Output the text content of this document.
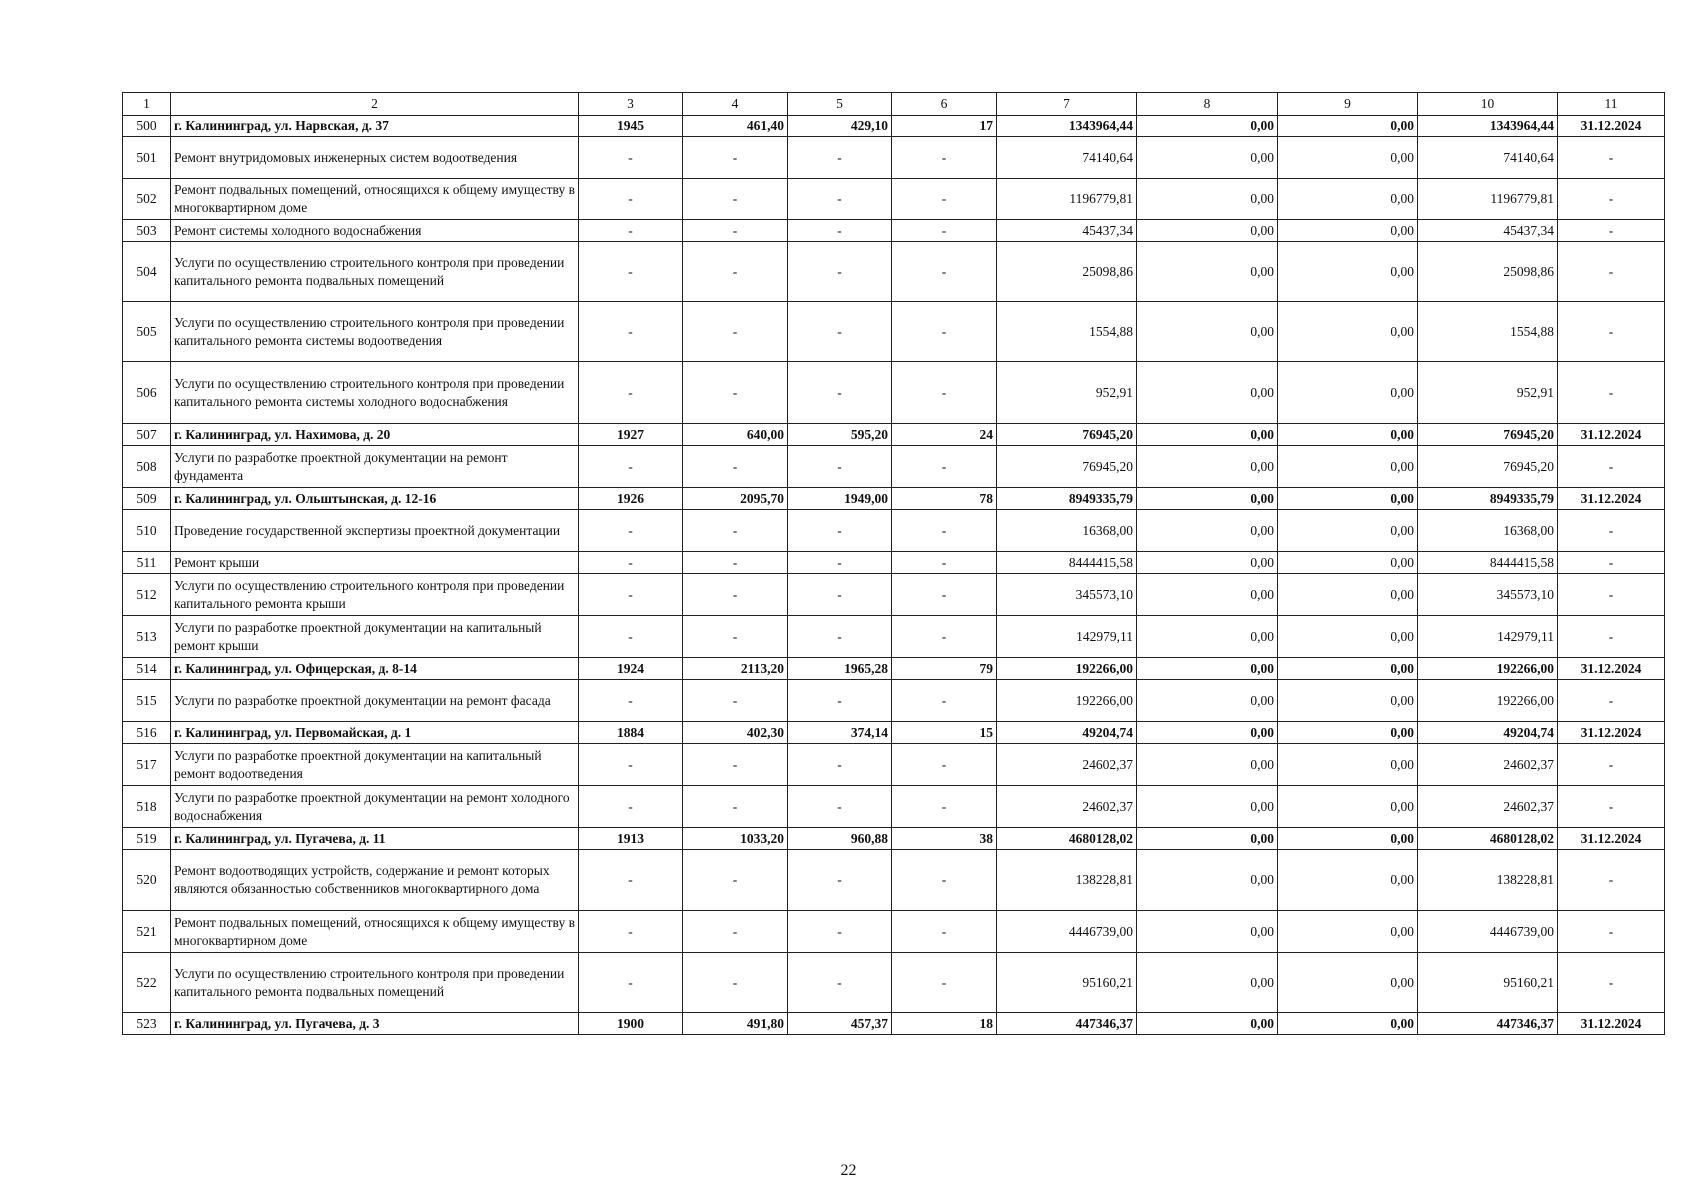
1	2	3	4	5	6	7	8	9	10	11
500	г. Калининград, ул. Нарвская, д. 37	1945	461,40	429,10	17	1343964,44	0,00	0,00	1343964,44	31.12.2024
501	Ремонт внутридомовых инженерных систем водоотведения	-	-	-	-	74140,64	0,00	0,00	74140,64	-
502	Ремонт подвальных помещений, относящихся к общему имуществу в многоквартирном доме	-	-	-	-	1196779,81	0,00	0,00	1196779,81	-
503	Ремонт системы холодного водоснабжения	-	-	-	-	45437,34	0,00	0,00	45437,34	-
504	Услуги по осуществлению строительного контроля при проведении капитального ремонта подвальных помещений	-	-	-	-	25098,86	0,00	0,00	25098,86	-
505	Услуги по осуществлению строительного контроля при проведении капитального ремонта системы водоотведения	-	-	-	-	1554,88	0,00	0,00	1554,88	-
506	Услуги по осуществлению строительного контроля при проведении капитального ремонта системы холодного водоснабжения	-	-	-	-	952,91	0,00	0,00	952,91	-
507	г. Калининград, ул. Нахимова, д. 20	1927	640,00	595,20	24	76945,20	0,00	0,00	76945,20	31.12.2024
508	Услуги по разработке проектной документации на ремонт фундамента	-	-	-	-	76945,20	0,00	0,00	76945,20	-
509	г. Калининград, ул. Ольштынская, д. 12-16	1926	2095,70	1949,00	78	8949335,79	0,00	0,00	8949335,79	31.12.2024
510	Проведение государственной экспертизы проектной документации	-	-	-	-	16368,00	0,00	0,00	16368,00	-
511	Ремонт крыши	-	-	-	-	8444415,58	0,00	0,00	8444415,58	-
512	Услуги по осуществлению строительного контроля при проведении капитального ремонта крыши	-	-	-	-	345573,10	0,00	0,00	345573,10	-
513	Услуги по разработке проектной документации на капитальный ремонт крыши	-	-	-	-	142979,11	0,00	0,00	142979,11	-
514	г. Калининград, ул. Офицерская, д. 8-14	1924	2113,20	1965,28	79	192266,00	0,00	0,00	192266,00	31.12.2024
515	Услуги по разработке проектной документации на ремонт фасада	-	-	-	-	192266,00	0,00	0,00	192266,00	-
516	г. Калининград, ул. Первомайская, д. 1	1884	402,30	374,14	15	49204,74	0,00	0,00	49204,74	31.12.2024
517	Услуги по разработке проектной документации на капитальный ремонт водоотведения	-	-	-	-	24602,37	0,00	0,00	24602,37	-
518	Услуги по разработке проектной документации на ремонт холодного водоснабжения	-	-	-	-	24602,37	0,00	0,00	24602,37	-
519	г. Калининград, ул. Пугачева, д. 11	1913	1033,20	960,88	38	4680128,02	0,00	0,00	4680128,02	31.12.2024
520	Ремонт водоотводящих устройств, содержание и ремонт которых являются обязанностью собственников многоквартирного дома	-	-	-	-	138228,81	0,00	0,00	138228,81	-
521	Ремонт подвальных помещений, относящихся к общему имуществу в многоквартирном доме	-	-	-	-	4446739,00	0,00	0,00	4446739,00	-
522	Услуги по осуществлению строительного контроля при проведении капитального ремонта подвальных помещений	-	-	-	-	95160,21	0,00	0,00	95160,21	-
523	г. Калининград, ул. Пугачева, д. 3	1900	491,80	457,37	18	447346,37	0,00	0,00	447346,37	31.12.2024
22
